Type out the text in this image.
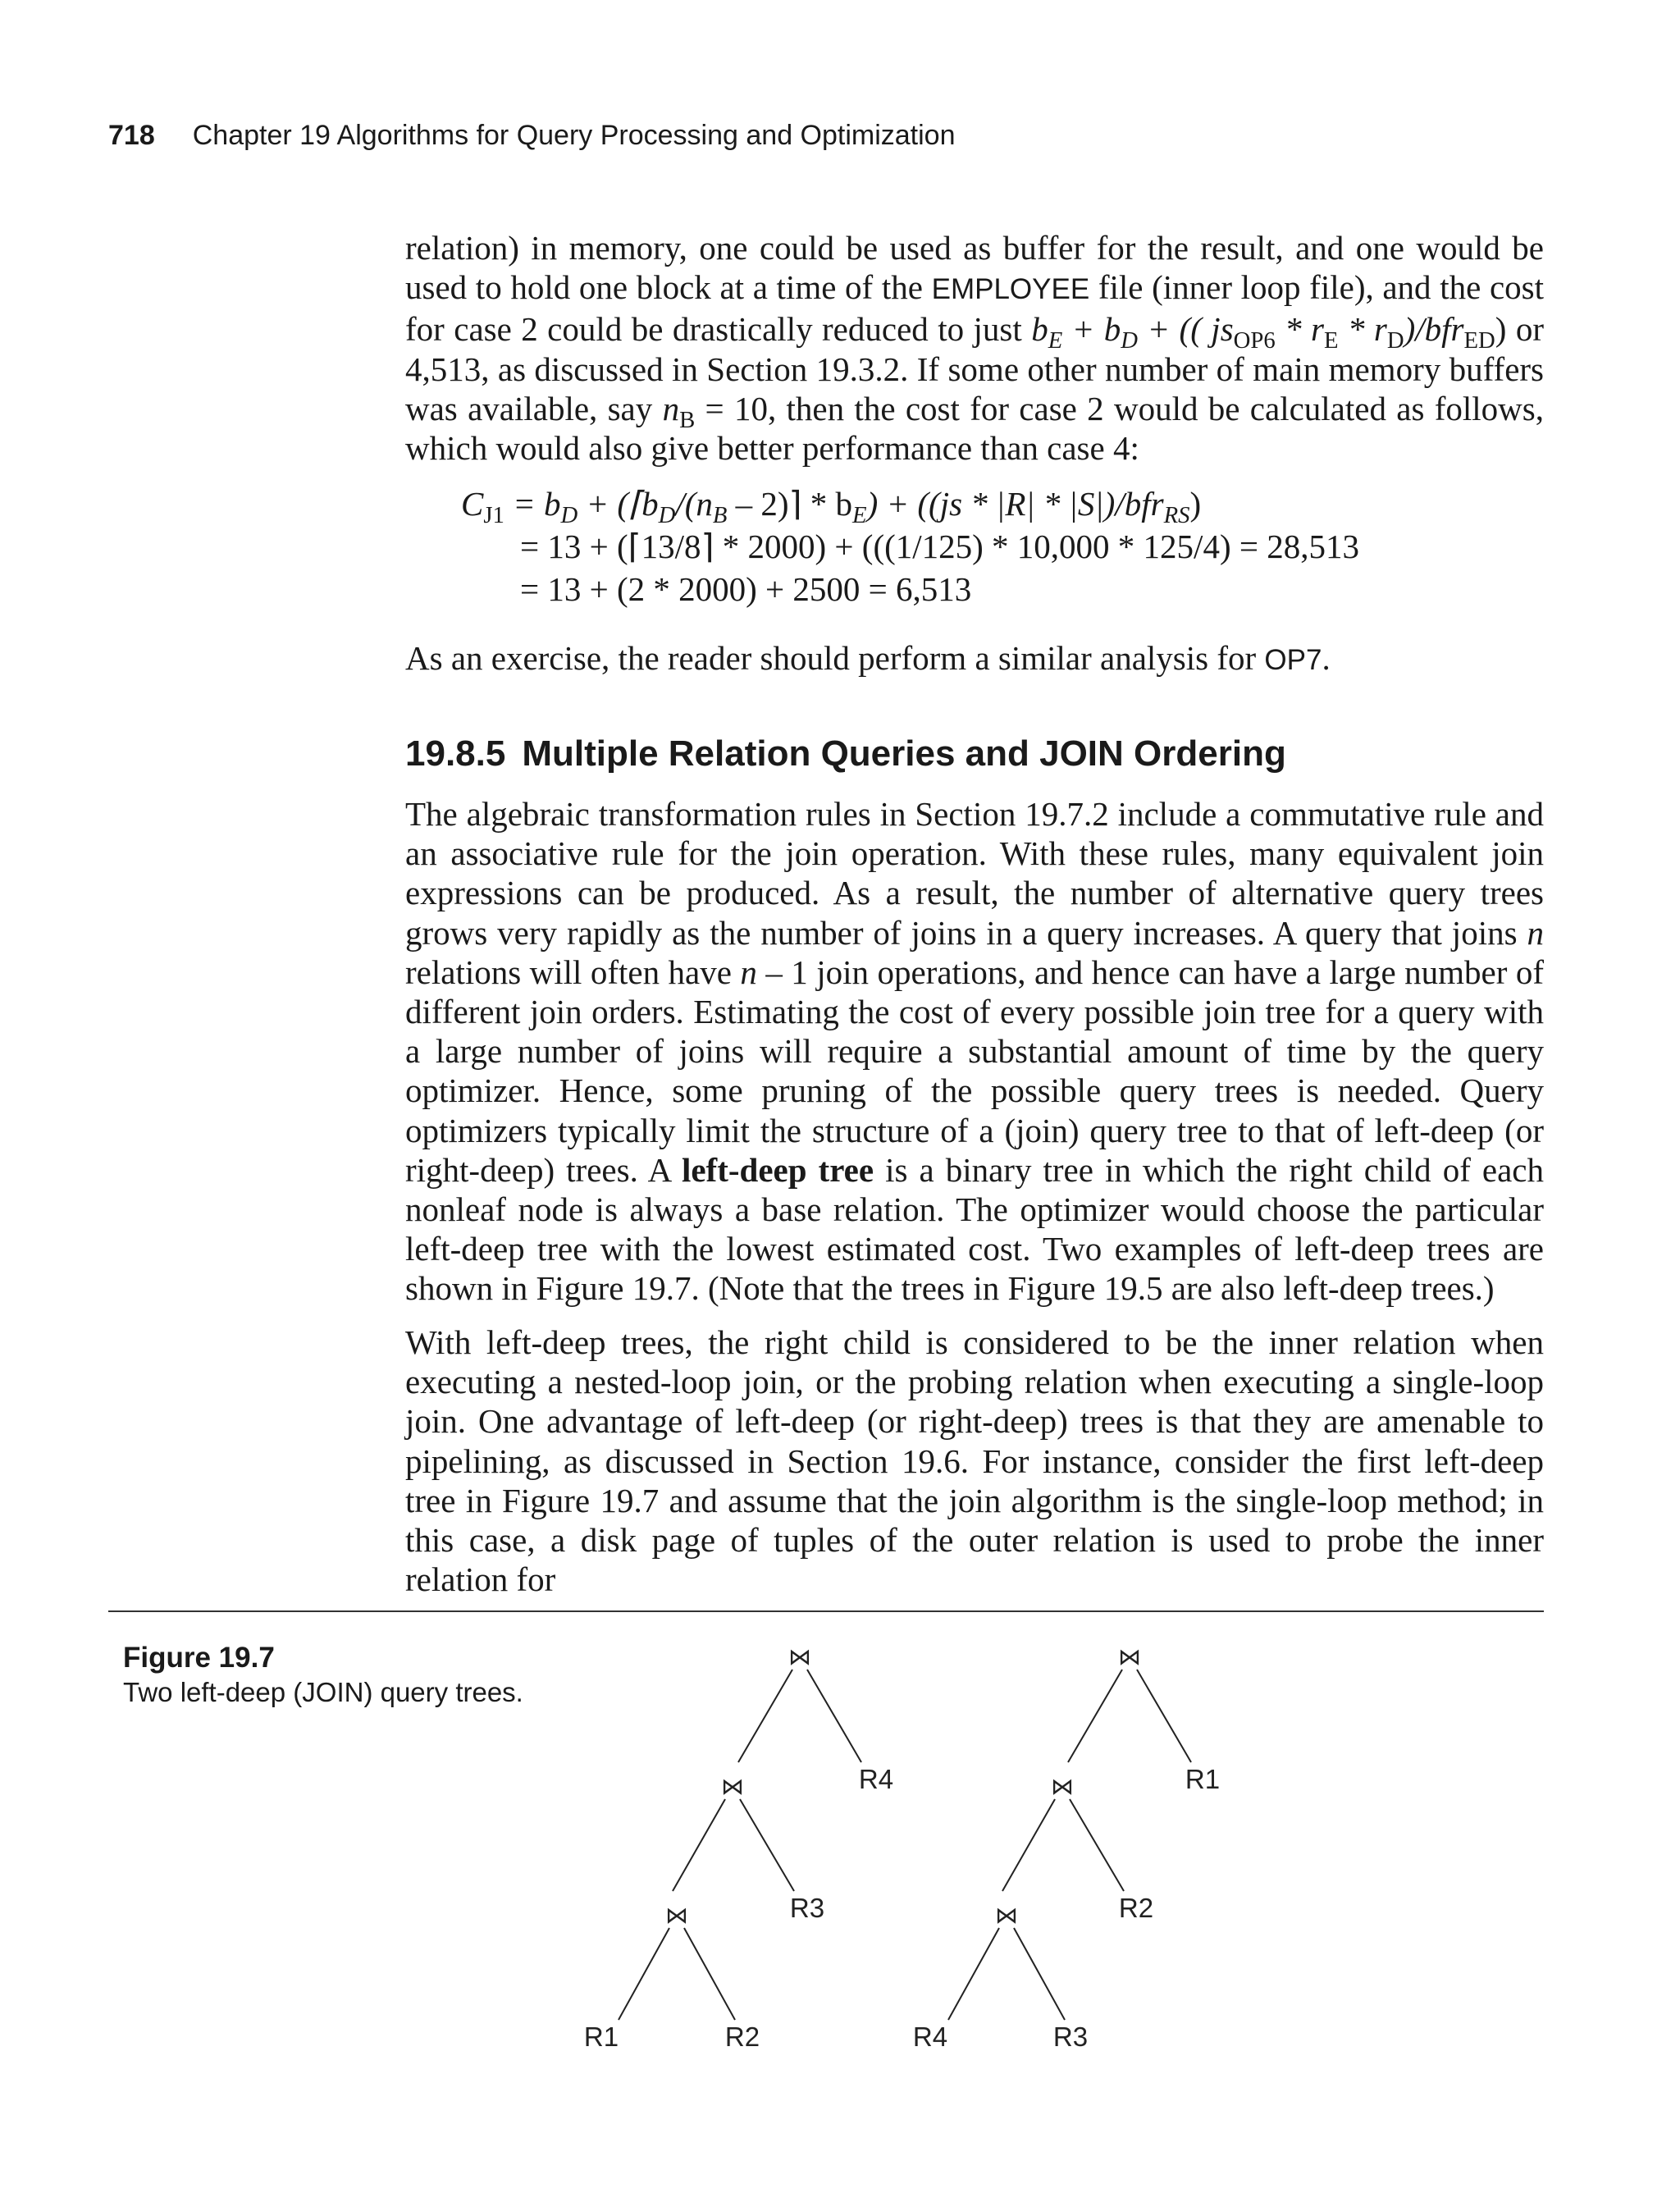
718 Chapter 19 Algorithms for Query Processing and Optimization

relation) in memory, one could be used as buffer for the result, and one would be used to hold one block at a time of the EMPLOYEE file (inner loop file), and the cost for case 2 could be drastically reduced to just $b_E + b_D$ + (( $js_{OP6} * r_E * r_D)/bfr_{ED}$) or 4,513, as discussed in Section 19.3.2. If some other number of main memory buffers was available, say $n_B = 10$, then the cost for case 2 would be calculated as follows, which would also give better performance than case 4:

$C_{J1} = b_D$ + ($⌈b_D/(n_B$ – 2)⌉ * $b_E) + ((js * |R| * |S|)/bfr_{RS})$
= 13 + (⌈13/8⌉ * 2000) + (((1/125) * 10,000 * 125/4) = 28,513
= 13 + (2 * 2000) + 2500 = 6,513

As an exercise, the reader should perform a similar analysis for OP7.

19.8.5 Multiple Relation Queries and JOIN Ordering

The algebraic transformation rules in Section 19.7.2 include a commutative rule and an associative rule for the join operation. With these rules, many equivalent join expressions can be produced. As a result, the number of alternative query trees grows very rapidly as the number of joins in a query increases. A query that joins n relations will often have n – 1 join operations, and hence can have a large number of different join orders. Estimating the cost of every possible join tree for a query with a large number of joins will require a substantial amount of time by the query optimizer. Hence, some pruning of the possible query trees is needed. Query optimizers typically limit the structure of a (join) query tree to that of left-deep (or right-deep) trees. A left-deep tree is a binary tree in which the right child of each nonleaf node is always a base relation. The optimizer would choose the particular left-deep tree with the lowest estimated cost. Two examples of left-deep trees are shown in Figure 19.7. (Note that the trees in Figure 19.5 are also left-deep trees.)

With left-deep trees, the right child is considered to be the inner relation when executing a nested-loop join, or the probing relation when executing a single-loop join. One advantage of left-deep (or right-deep) trees is that they are amenable to pipelining, as discussed in Section 19.6. For instance, consider the first left-deep tree in Figure 19.7 and assume that the join algorithm is the single-loop method; in this case, a disk page of tuples of the outer relation is used to probe the inner relation for

Figure 19.7
Two left-deep (JOIN) query trees.
⋈
⋈
⋈
⋈
⋈
⋈
R4
R3
R2
R1
R1
R2
R3
R4
